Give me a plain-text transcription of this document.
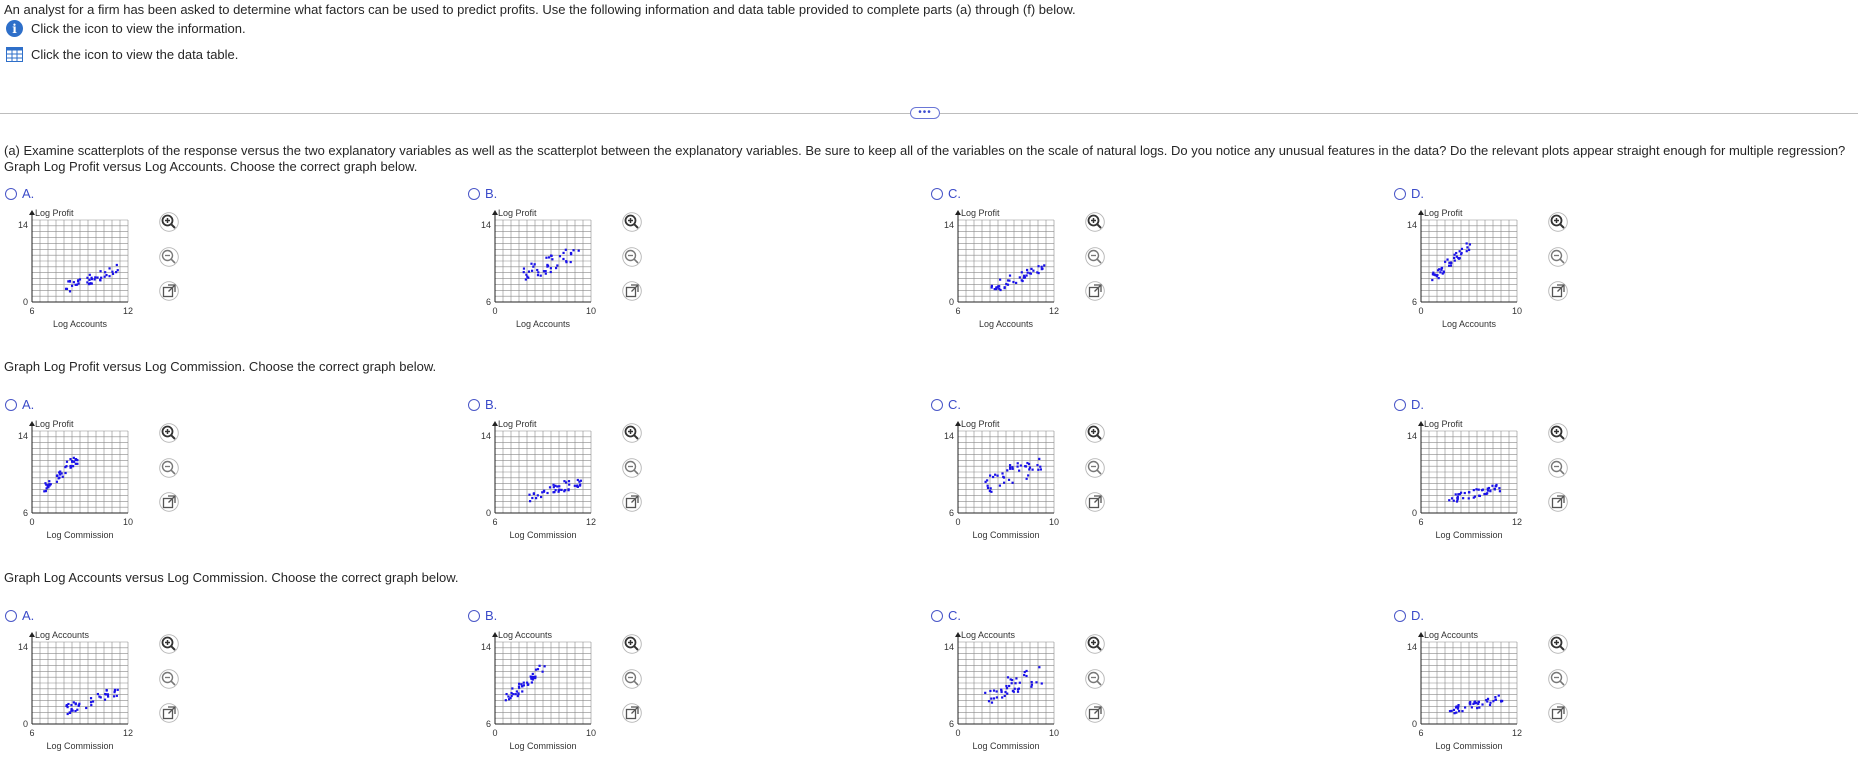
An analyst for a firm has been asked to determine what factors can be used to predict profits. Use the following information and data table provided to complete parts (a) through (f) below.
i	Click the icon to view the information.
Click the icon to view the data table.
•••
(a) Examine scatterplots of the response versus the two explanatory variables as well as the scatterplot between the explanatory variables. Be sure to keep all of the variables on the scale of natural logs. Do you notice any unusual features in the data? Do the relevant plots appear straight enough for multiple regression?
Graph Log Profit versus Log Accounts. Choose the correct graph below.
A.
Log Profit
14
0
6	12
Log Accounts
B.
Log Profit
14
6
0	10
Log Accounts
C.
Log Profit
14
0
6	12
Log Accounts
D.
Log Profit
14
6
0	10
Log Accounts
Graph Log Profit versus Log Commission. Choose the correct graph below.
A.
Log Profit
14
6
0	10
Log Commission
B.
Log Profit
14
0
6	12
Log Commission
C.
Log Profit
14
6
0	10
Log Commission
D.
Log Profit
14
0
6	12
Log Commission
Graph Log Accounts versus Log Commission. Choose the correct graph below.
A.
Log Accounts
14
0
6	12
Log Commission
B.
Log Accounts
14
6
0	10
Log Commission
C.
Log Accounts
14
6
0	10
Log Commission
D.
Log Accounts
14
0
6	12
Log Commission
